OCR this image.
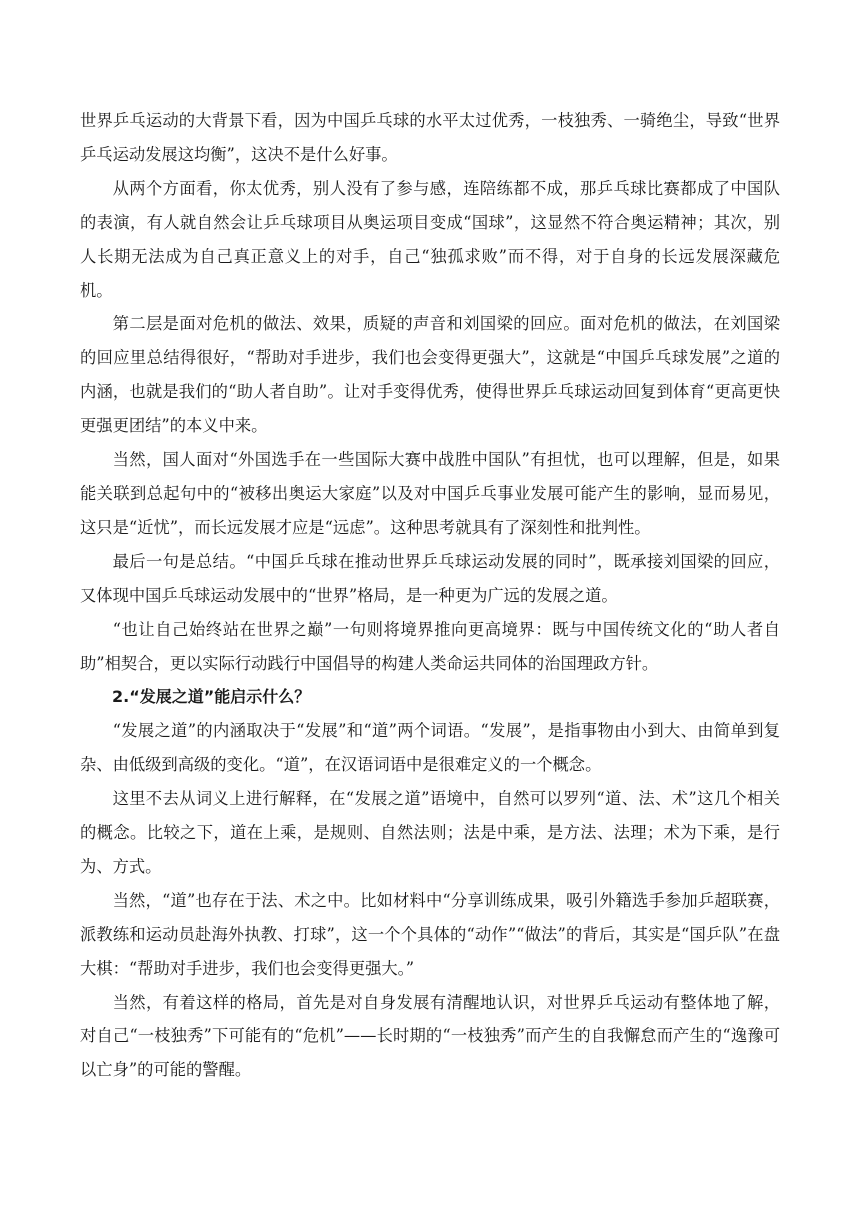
世界乒乓运动的大背景下看，因为中国乒乓球的水平太过优秀，一枝独秀、一骑绝尘，导致“世界乒乓运动发展这均衡”，这决不是什么好事。

从两个方面看，你太优秀，别人没有了参与感，连陪练都不成，那乒乓球比赛都成了中国队的表演，有人就自然会让乒乓球项目从奥运项目变成“国球”，这显然不符合奥运精神；其次，别人长期无法成为自己真正意义上的对手，自己“独孤求败”而不得，对于自身的长远发展深藏危机。

第二层是面对危机的做法、效果，质疑的声音和刘国梁的回应。面对危机的做法，在刘国梁的回应里总结得很好，“帮助对手进步，我们也会变得更强大”，这就是“中国乒乓球发展”之道的内涵，也就是我们的“助人者自助”。让对手变得优秀，使得世界乒乓球运动回复到体育“更高更快更强更团结”的本义中来。

当然，国人面对“外国选手在一些国际大赛中战胜中国队”有担忧，也可以理解，但是，如果能关联到总起句中的“被移出奥运大家庭”以及对中国乒乓事业发展可能产生的影响，显而易见，这只是“近忧”，而长远发展才应是“远虑”。这种思考就具有了深刻性和批判性。

最后一句是总结。“中国乒乓球在推动世界乒乓球运动发展的同时”，既承接刘国梁的回应，又体现中国乒乓球运动发展中的“世界”格局，是一种更为广远的发展之道。

“也让自己始终站在世界之巅”一句则将境界推向更高境界：既与中国传统文化的“助人者自助”相契合，更以实际行动践行中国倡导的构建人类命运共同体的治国理政方针。

2.“发展之道”能启示什么？

“发展之道”的内涵取决于“发展”和“道”两个词语。“发展”，是指事物由小到大、由简单到复杂、由低级到高级的变化。“道”，在汉语词语中是很难定义的一个概念。

这里不去从词义上进行解释，在“发展之道”语境中，自然可以罗列“道、法、术”这几个相关的概念。比较之下，道在上乘，是规则、自然法则；法是中乘，是方法、法理；术为下乘，是行为、方式。

当然，“道”也存在于法、术之中。比如材料中“分享训练成果，吸引外籍选手参加乒超联赛，派教练和运动员赴海外执教、打球”，这一个个具体的“动作”“做法”的背后，其实是“国乒队”在盘大棋：“帮助对手进步，我们也会变得更强大。”

当然，有着这样的格局，首先是对自身发展有清醒地认识，对世界乒乓运动有整体地了解，对自己“一枝独秀”下可能有的“危机”——长时期的“一枝独秀”而产生的自我懈怠而产生的“逸豫可以亡身”的可能的警醒。
